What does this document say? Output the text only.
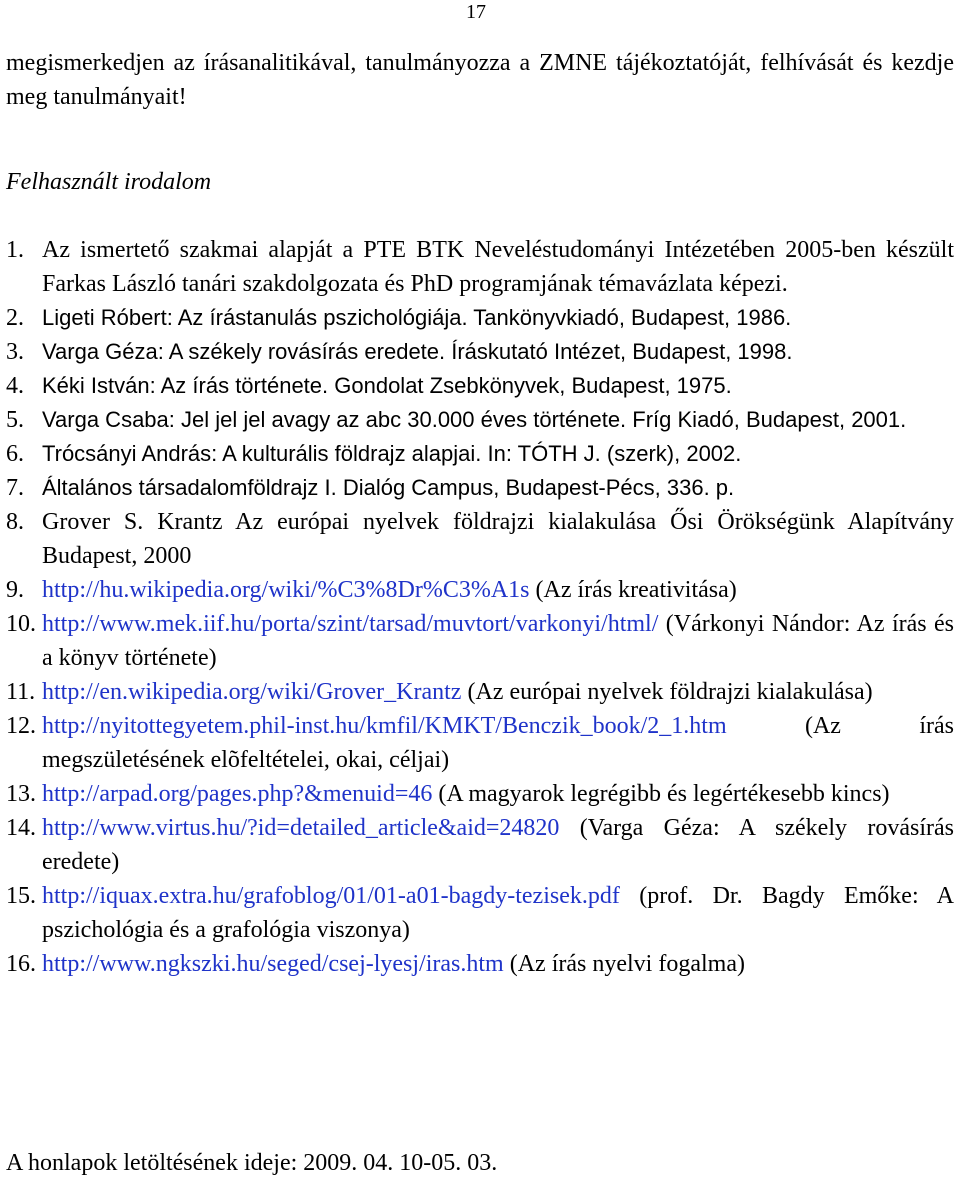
17
megismerkedjen az írásanalitikával, tanulmányozza a ZMNE tájékoztatóját, felhívását és kezdje meg tanulmányait!
Felhasznált irodalom
1. Az ismertető szakmai alapját a PTE BTK Neveléstudományi Intézetében 2005-ben készült Farkas László tanári szakdolgozata és PhD programjának témavázlata képezi.
2. Ligeti Róbert: Az írástanulás pszichológiája. Tankönyvkiadó, Budapest, 1986.
3. Varga Géza: A székely rovásírás eredete. Íráskutató Intézet, Budapest, 1998.
4. Kéki István: Az írás története. Gondolat Zsebkönyvek, Budapest, 1975.
5. Varga Csaba: Jel jel jel avagy az abc 30.000 éves története. Fríg Kiadó, Budapest, 2001.
6. Trócsányi András: A kulturális földrajz alapjai. In: TÓTH J. (szerk), 2002.
7. Általános társadalomföldrajz I. Dialóg Campus, Budapest-Pécs, 336. p.
8. Grover S. Krantz Az európai nyelvek földrajzi kialakulása Ősi Örökségünk Alapítvány Budapest, 2000
9. http://hu.wikipedia.org/wiki/%C3%8Dr%C3%A1s (Az írás kreativitása)
10. http://www.mek.iif.hu/porta/szint/tarsad/muvtort/varkonyi/html/ (Várkonyi Nándor: Az írás és a könyv története)
11. http://en.wikipedia.org/wiki/Grover_Krantz (Az európai nyelvek földrajzi kialakulása)
12. http://nyitottegyetem.phil-inst.hu/kmfil/KMKT/Benczik_book/2_1.htm	(Az írás megszületésének elõfeltételei, okai, céljai)
13. http://arpad.org/pages.php?&menuid=46 (A magyarok legrégibb és legértékesebb kincs)
14. http://www.virtus.hu/?id=detailed_article&aid=24820 (Varga Géza: A székely rovásírás eredete)
15. http://iquax.extra.hu/grafoblog/01/01-a01-bagdy-tezisek.pdf (prof. Dr. Bagdy Emőke: A pszichológia és a grafológia viszonya)
16. http://www.ngkszki.hu/seged/csej-lyesj/iras.htm (Az írás nyelvi fogalma)
A honlapok letöltésének ideje: 2009. 04. 10-05. 03.
